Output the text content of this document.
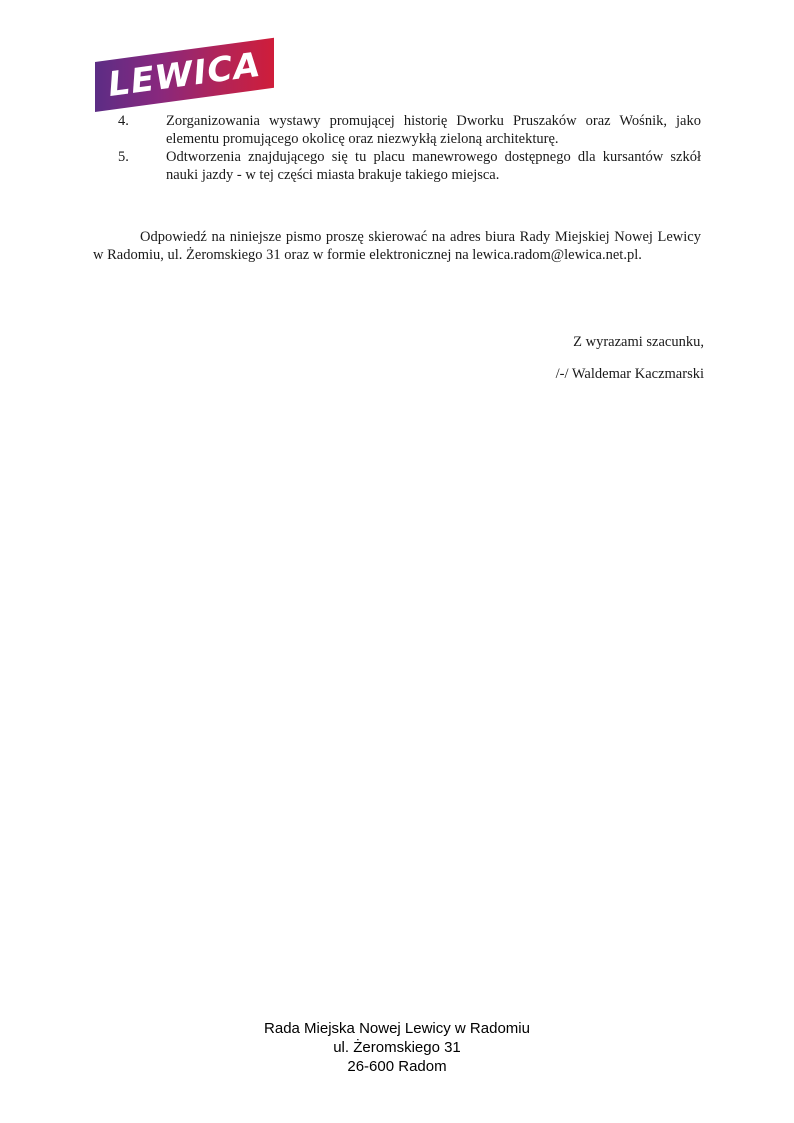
LEWICA
4.	Zorganizowania wystawy promującej historię Dworku Pruszaków oraz Wośnik, jako elementu promującego okolicę oraz niezwykłą zieloną architekturę.
5.	Odtworzenia znajdującego się tu placu manewrowego dostępnego dla kursantów szkół nauki jazdy - w tej części miasta brakuje takiego miejsca.
Odpowiedź na niniejsze pismo proszę skierować na adres biura Rady Miejskiej Nowej Lewicy w Radomiu, ul. Żeromskiego 31 oraz w formie elektronicznej na lewica.radom@lewica.net.pl.
Z wyrazami szacunku,
/-/ Waldemar Kaczmarski
Rada Miejska Nowej Lewicy w Radomiu
ul. Żeromskiego 31
26-600 Radom
